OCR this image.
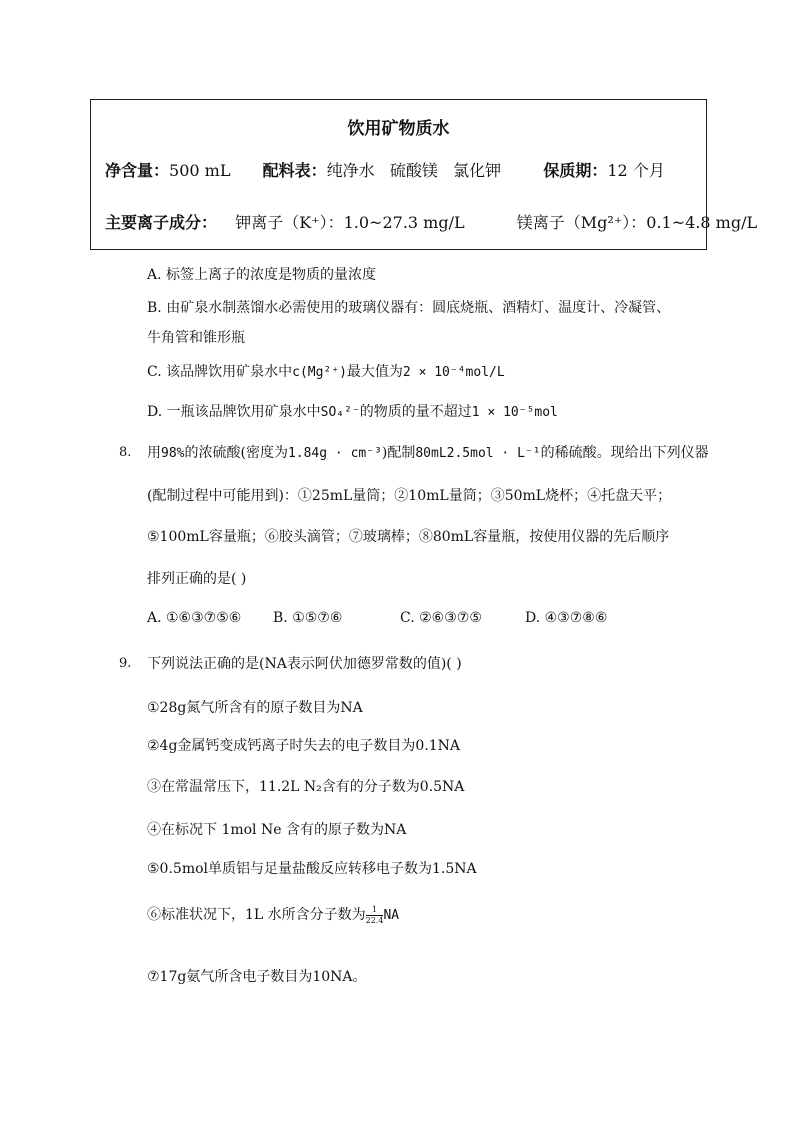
饮用矿物质水
净含量：500 mL 配料表：纯净水   硫酸镁   氯化钾	保质期：12 个月
主要离子成分： 钾离子（K⁺）：1.0~27.3 mg/L	镁离子（Mg²⁺）：0.1~4.8 mg/L
A. 标签上离子的浓度是物质的量浓度
B. 由矿泉水制蒸馏水必需使用的玻璃仪器有：圆底烧瓶、酒精灯、温度计、冷凝管、
牛角管和锥形瓶
C. 该品牌饮用矿泉水中c(Mg²⁺)最大值为2 × 10⁻⁴mol/L
D. 一瓶该品牌饮用矿泉水中SO₄²⁻的物质的量不超过1 × 10⁻⁵mol
8. 用98%的浓硫酸(密度为1.84g · cm⁻³)配制80mL2.5mol · L⁻¹的稀硫酸。现给出下列仪器
(配制过程中可能用到)：①25mL量筒；②10mL量筒；③50mL烧杯；④托盘天平；
⑤100mL容量瓶；⑥胶头滴管；⑦玻璃棒；⑧80mL容量瓶，按使用仪器的先后顺序
排列正确的是( )
A. ①⑥③⑦⑤⑥ B. ①⑤⑦⑥	C. ②⑥③⑦⑤	D. ④③⑦⑧⑥
9. 下列说法正确的是(NA表示阿伏加德罗常数的值)( )
①28g氮气所含有的原子数目为NA
②4g金属钙变成钙离子时失去的电子数目为0.1NA
③在常温常压下，11.2L N₂含有的分子数为0.5NA
④在标况下 1mol Ne 含有的原子数为NA
⑤0.5mol单质铝与足量盐酸反应转移电子数为1.5NA
⑥标准状况下，1L 水所含分子数为 $\frac{1}{22.4}$ NA
⑦17g氨气所含电子数目为10NA。
